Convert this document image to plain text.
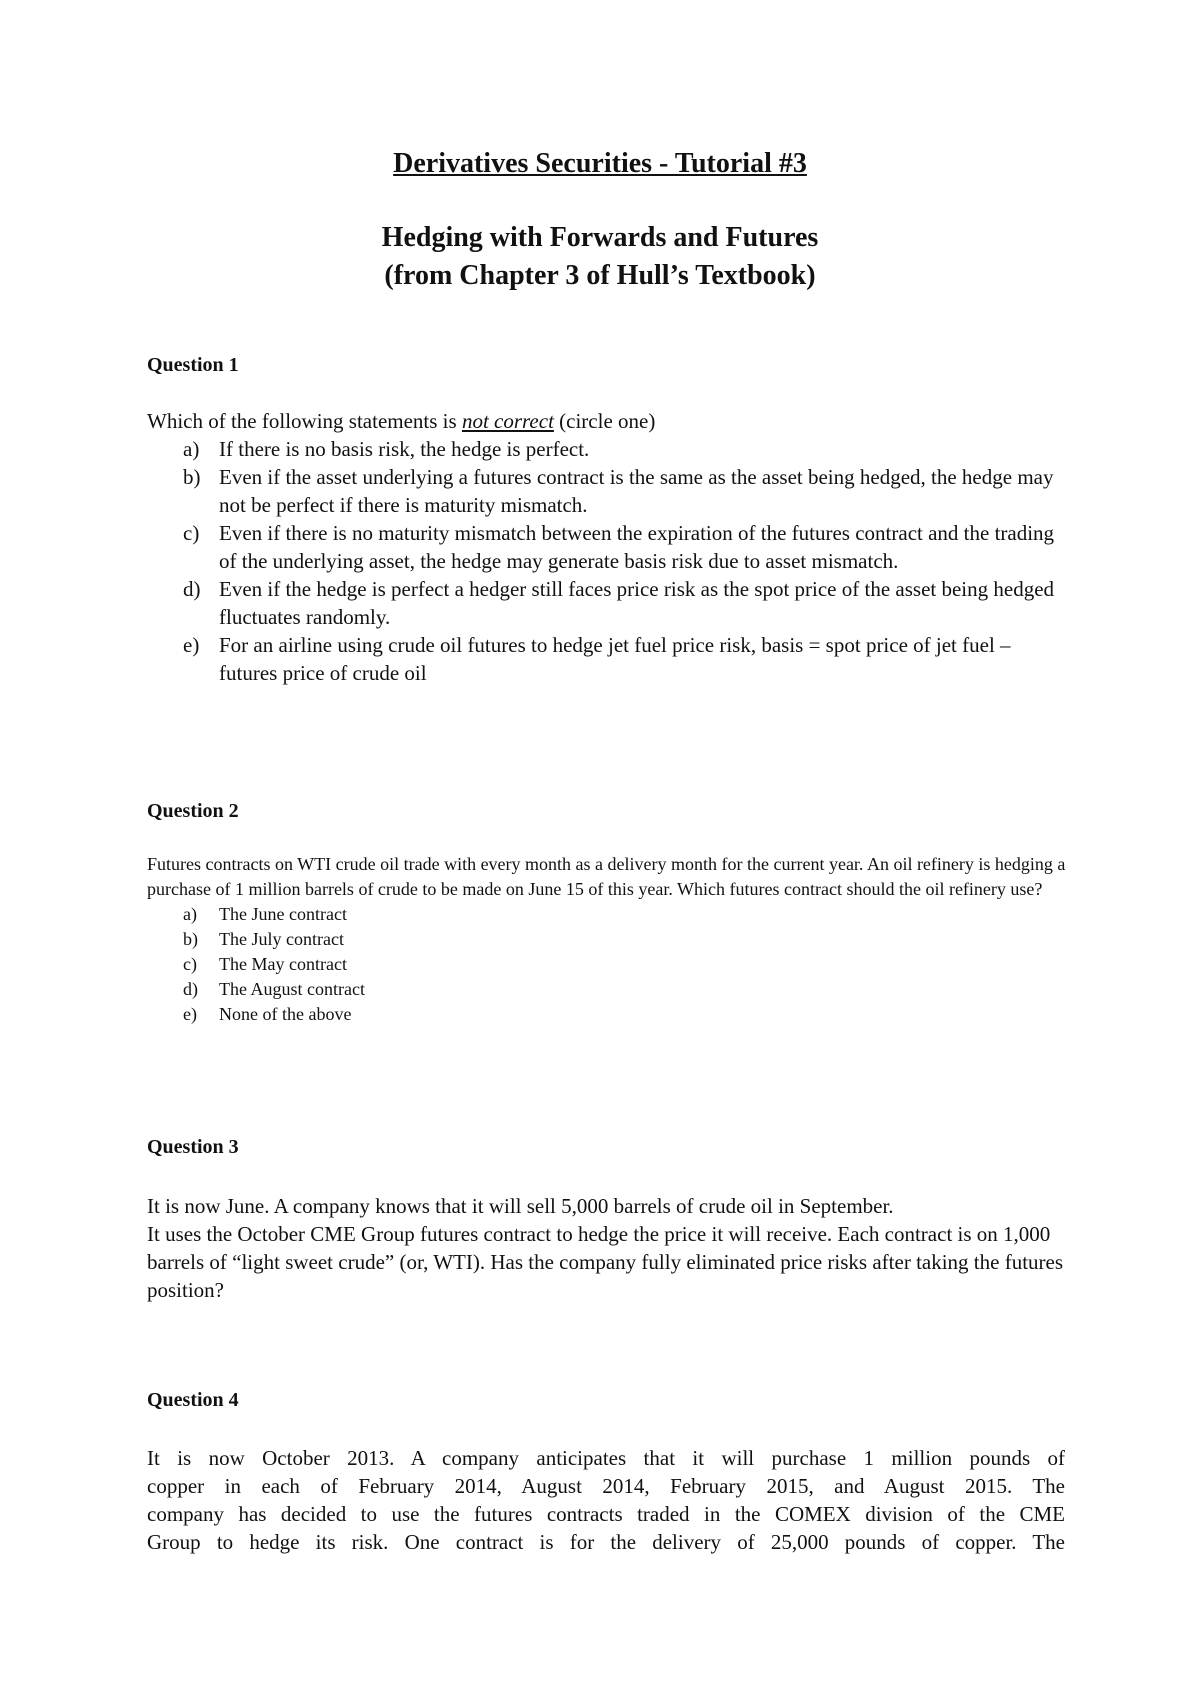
Derivatives Securities - Tutorial #3
Hedging with Forwards and Futures
(from Chapter 3 of Hull’s Textbook)
Question 1
Which of the following statements is not correct (circle one)
a) If there is no basis risk, the hedge is perfect.
b) Even if the asset underlying a futures contract is the same as the asset being hedged, the hedge may not be perfect if there is maturity mismatch.
c) Even if there is no maturity mismatch between the expiration of the futures contract and the trading of the underlying asset, the hedge may generate basis risk due to asset mismatch.
d) Even if the hedge is perfect a hedger still faces price risk as the spot price of the asset being hedged fluctuates randomly.
e) For an airline using crude oil futures to hedge jet fuel price risk, basis = spot price of jet fuel – futures price of crude oil
Question 2
Futures contracts on WTI crude oil trade with every month as a delivery month for the current year. An oil refinery is hedging a purchase of 1 million barrels of crude to be made on June 15 of this year. Which futures contract should the oil refinery use?
a)	The June contract
b)	The July contract
c)	The May contract
d)	The August contract
e)	None of the above
Question 3
It is now June. A company knows that it will sell 5,000 barrels of crude oil in September.
It uses the October CME Group futures contract to hedge the price it will receive. Each contract is on 1,000 barrels of “light sweet crude” (or, WTI). Has the company fully eliminated price risks after taking the futures position?
Question 4
It is now October 2013. A company anticipates that it will purchase 1 million pounds of
copper in each of February 2014, August 2014, February 2015, and August 2015. The
company has decided to use the futures contracts traded in the COMEX division of the CME
Group to hedge its risk. One contract is for the delivery of 25,000 pounds of copper. The
